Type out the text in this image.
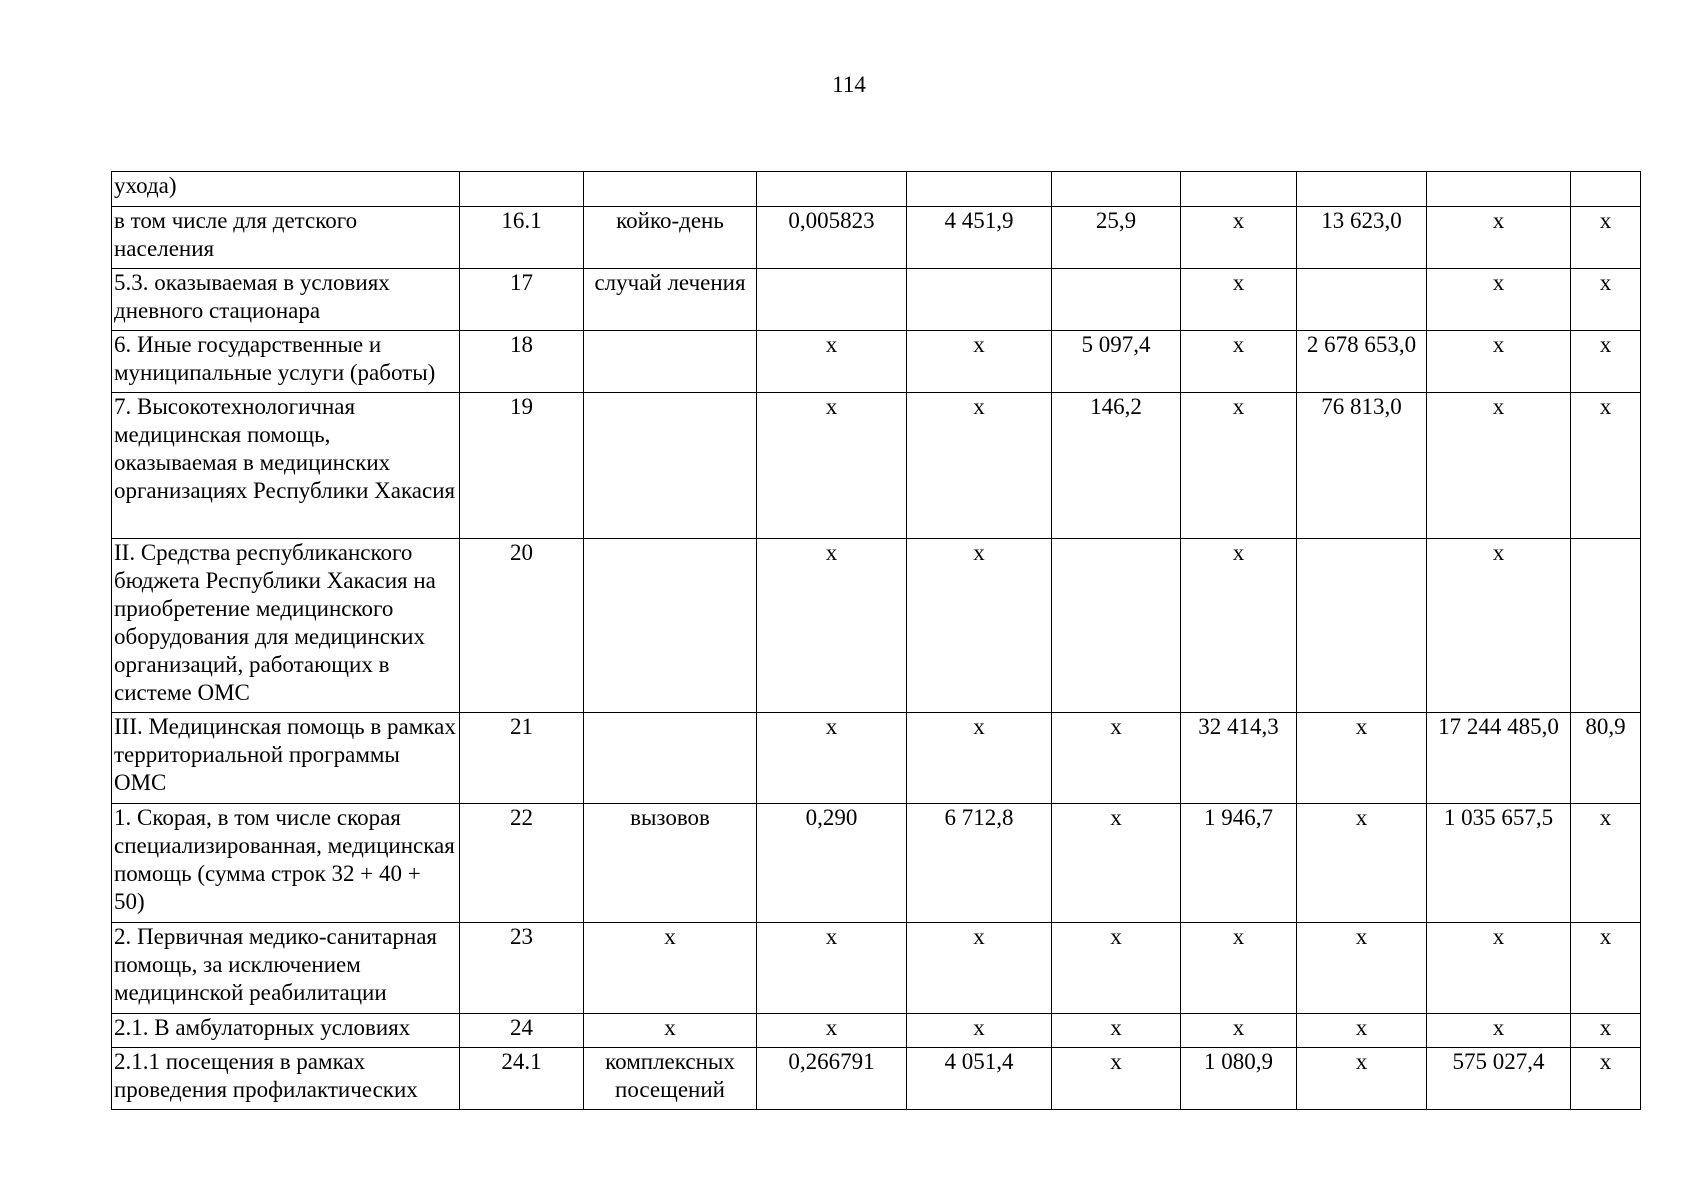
114
ухода)									
в том числе для детского населения	16.1	койко-день	0,005823	4 451,9	25,9	х	13 623,0	х	х
5.3. оказываемая в условиях дневного стационара	17	случай лечения				х		х	х
6. Иные государственные и муниципальные услуги (работы)	18		х	х	5 097,4	х	2 678 653,0	х	х
7. Высокотехнологичная медицинская помощь, оказываемая в медицинских организациях Республики Хакасия	19		х	х	146,2	х	76 813,0	х	х
II. Средства республиканского бюджета Республики Хакасия на приобретение медицинского оборудования для медицинских организаций, работающих в системе ОМС	20		х	х		х		х	
III. Медицинская помощь в рамках территориальной программы ОМС	21		х	х	х	32 414,3	х	17 244 485,0	80,9
1. Скорая, в том числе скорая специализированная, медицинская помощь (сумма строк 32 + 40 + 50)	22	вызовов	0,290	6 712,8	х	1 946,7	х	1 035 657,5	х
2. Первичная медико-санитарная помощь, за исключением медицинской реабилитации	23	х	х	х	х	х	х	х	х
2.1. В амбулаторных условиях	24	х	х	х	х	х	х	х	х
2.1.1 посещения в рамках проведения профилактических	24.1	комплексных посещений	0,266791	4 051,4	х	1 080,9	х	575 027,4	х
